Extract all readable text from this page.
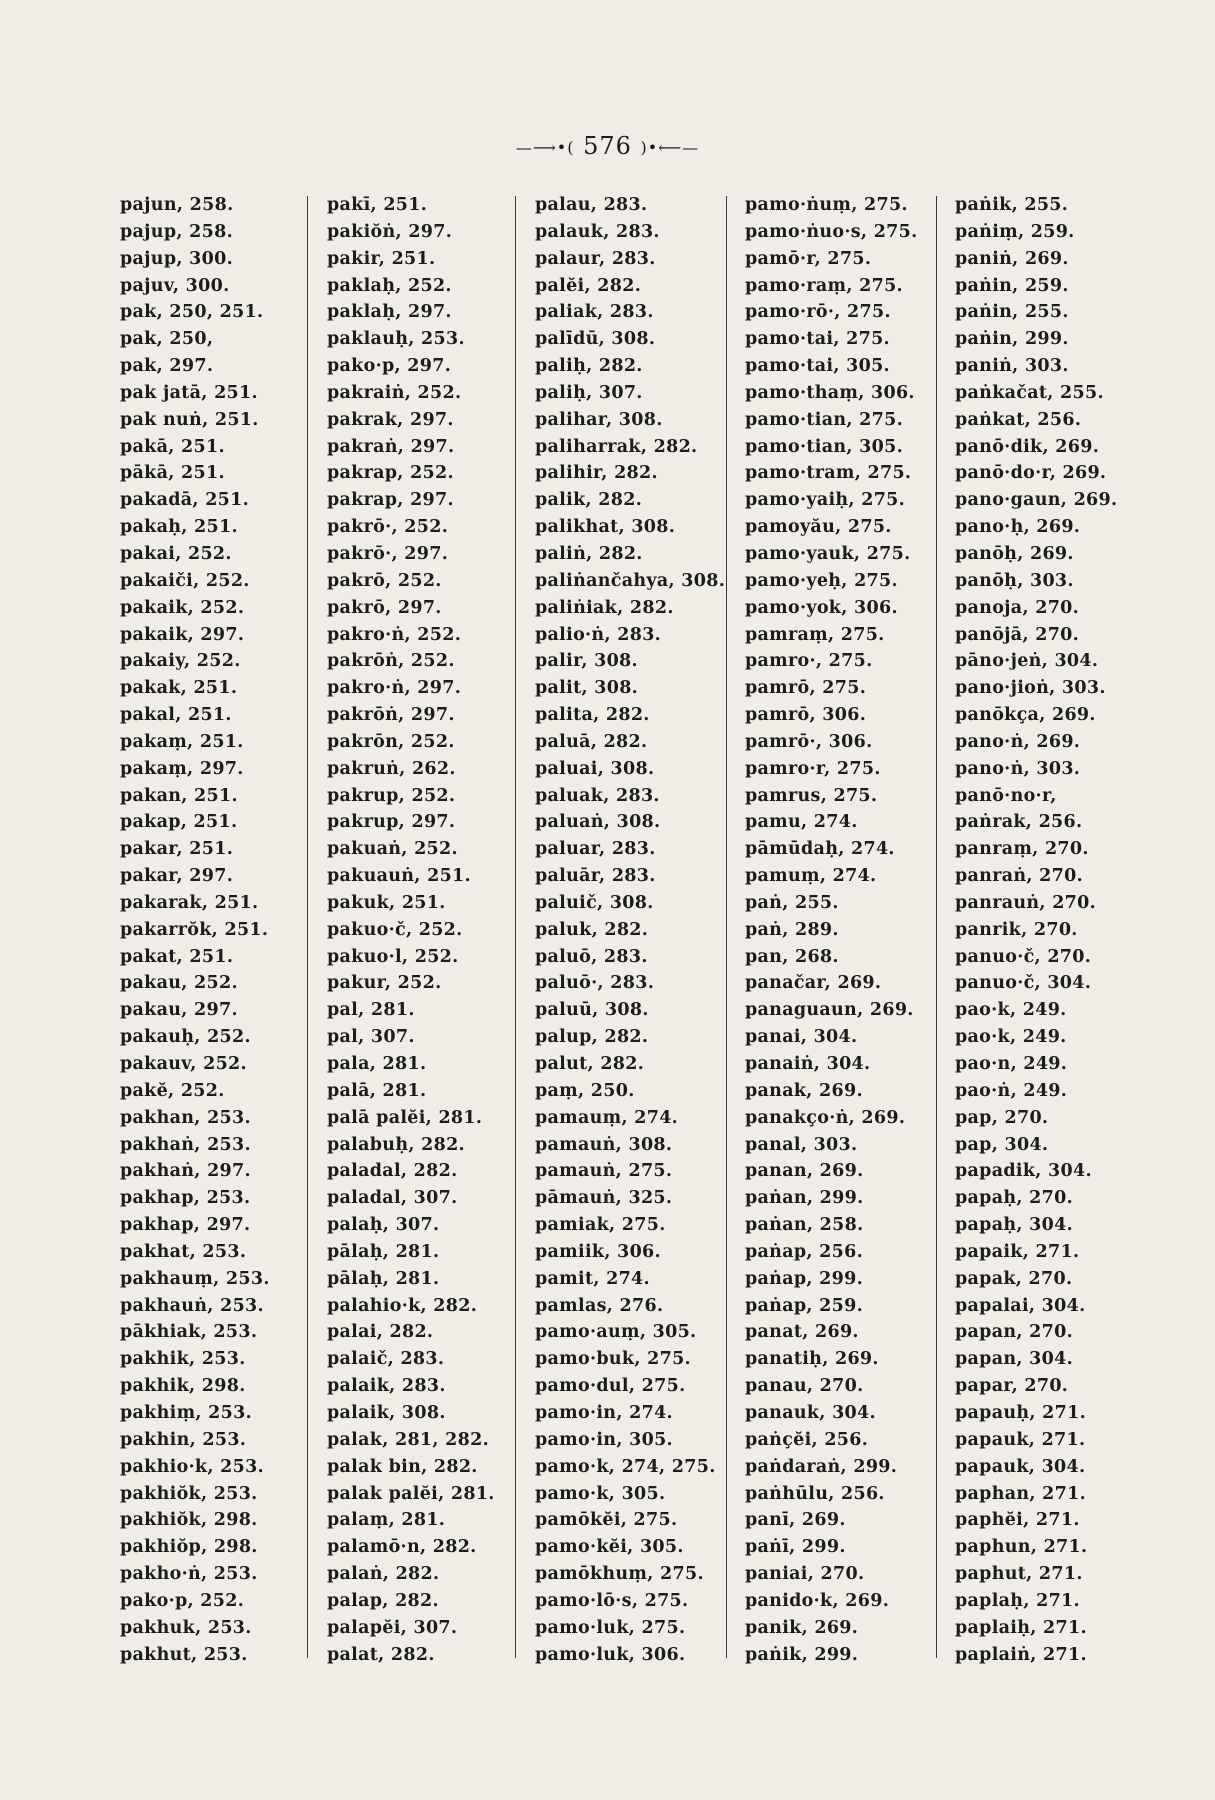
—⟶•( 576 )•⟵—
pajun, 258.
pajup, 258.
pajup, 300.
pajuv, 300.
pak, 250, 251.
pak, 250,
pak, 297.
pak jatā, 251.
pak nuṅ, 251.
pakā, 251.
pākā, 251.
pakadā, 251.
pakaḥ, 251.
pakai, 252.
pakaiči, 252.
pakaik, 252.
pakaik, 297.
pakaiy, 252.
pakak, 251.
pakal, 251.
pakaṃ, 251.
pakaṃ, 297.
pakan, 251.
pakap, 251.
pakar, 251.
pakar, 297.
pakarak, 251.
pakarrŏk, 251.
pakat, 251.
pakau, 252.
pakau, 297.
pakauḥ, 252.
pakauv, 252.
pakĕ, 252.
pakhan, 253.
pakhaṅ, 253.
pakhaṅ, 297.
pakhap, 253.
pakhap, 297.
pakhat, 253.
pakhauṃ, 253.
pakhauṅ, 253.
pākhiak, 253.
pakhik, 253.
pakhik, 298.
pakhiṃ, 253.
pakhin, 253.
pakhio·k, 253.
pakhiŏk, 253.
pakhiŏk, 298.
pakhiŏp, 298.
pakho·ṅ, 253.
pako·p, 252.
pakhuk, 253.
pakhut, 253.
pakī, 251.
pakiŏṅ, 297.
pakir, 251.
paklaḥ, 252.
paklaḥ, 297.
paklauḥ, 253.
pako·p, 297.
pakraiṅ, 252.
pakrak, 297.
pakraṅ, 297.
pakrap, 252.
pakrap, 297.
pakrō·, 252.
pakrō·, 297.
pakrō, 252.
pakrō, 297.
pakro·ṅ, 252.
pakrōṅ, 252.
pakro·ṅ, 297.
pakrōṅ, 297.
pakrōn, 252.
pakruṅ, 262.
pakrup, 252.
pakrup, 297.
pakuaṅ, 252.
pakuauṅ, 251.
pakuk, 251.
pakuo·č, 252.
pakuo·l, 252.
pakur, 252.
pal, 281.
pal, 307.
pala, 281.
palā, 281.
palā palĕi, 281.
palabuḥ, 282.
paladal, 282.
paladal, 307.
palaḥ, 307.
pālaḥ, 281.
pālaḥ, 281.
palahio·k, 282.
palai, 282.
palaič, 283.
palaik, 283.
palaik, 308.
palak, 281, 282.
palak bin, 282.
palak palĕi, 281.
palaṃ, 281.
palamō·n, 282.
palaṅ, 282.
palap, 282.
palapĕi, 307.
palat, 282.
palau, 283.
palauk, 283.
palaur, 283.
palĕi, 282.
paliak, 283.
palīdū, 308.
paliḥ, 282.
paliḥ, 307.
palihar, 308.
paliharrak, 282.
palihir, 282.
palik, 282.
palikhat, 308.
paliṅ, 282.
paliṅančahya, 308.
paliṅiak, 282.
palio·ṅ, 283.
palir, 308.
palit, 308.
palita, 282.
paluā, 282.
paluai, 308.
paluak, 283.
paluaṅ, 308.
paluar, 283.
paluār, 283.
paluič, 308.
paluk, 282.
paluō, 283.
paluō·, 283.
paluū, 308.
palup, 282.
palut, 282.
paṃ, 250.
pamauṃ, 274.
pamauṅ, 308.
pamauṅ, 275.
pāmauṅ, 325.
pamiak, 275.
pamiik, 306.
pamit, 274.
pamlas, 276.
pamo·auṃ, 305.
pamo·buk, 275.
pamo·dul, 275.
pamo·in, 274.
pamo·in, 305.
pamo·k, 274, 275.
pamo·k, 305.
pamōkĕi, 275.
pamo·kĕi, 305.
pamōkhuṃ, 275.
pamo·lō·s, 275.
pamo·luk, 275.
pamo·luk, 306.
pamo·ṅuṃ, 275.
pamo·ṅuo·s, 275.
pamō·r, 275.
pamo·raṃ, 275.
pamo·rō·, 275.
pamo·tai, 275.
pamo·tai, 305.
pamo·thaṃ, 306.
pamo·tian, 275.
pamo·tian, 305.
pamo·tram, 275.
pamo·yaiḥ, 275.
pamoyău, 275.
pamo·yauk, 275.
pamo·yeḥ, 275.
pamo·yok, 306.
pamraṃ, 275.
pamro·, 275.
pamrō, 275.
pamrō, 306.
pamrō·, 306.
pamro·r, 275.
pamrus, 275.
pamu, 274.
pāmūdaḥ, 274.
pamuṃ, 274.
paṅ, 255.
paṅ, 289.
pan, 268.
panačar, 269.
panaguaun, 269.
panai, 304.
panaiṅ, 304.
panak, 269.
panakço·ṅ, 269.
panal, 303.
panan, 269.
paṅan, 299.
paṅan, 258.
paṅap, 256.
paṅap, 299.
paṅap, 259.
panat, 269.
panatiḥ, 269.
panau, 270.
panauk, 304.
paṅçĕi, 256.
paṅdaraṅ, 299.
paṅhūlu, 256.
panī, 269.
paṅī, 299.
paniai, 270.
panido·k, 269.
panik, 269.
paṅik, 299.
paṅik, 255.
paṅiṃ, 259.
paniṅ, 269.
paṅin, 259.
paṅin, 255.
paṅin, 299.
paniṅ, 303.
paṅkačat, 255.
paṅkat, 256.
panō·dik, 269.
panō·do·r, 269.
pano·gaun, 269.
pano·ḥ, 269.
panōḥ, 269.
panōḥ, 303.
panoja, 270.
panōjā, 270.
pāno·jeṅ, 304.
pano·jioṅ, 303.
panōkça, 269.
pano·ṅ, 269.
pano·ṅ, 303.
panō·no·r,
paṅrak, 256.
panraṃ, 270.
panraṅ, 270.
panrauṅ, 270.
panrik, 270.
panuo·č, 270.
panuo·č, 304.
pao·k, 249.
pao·k, 249.
pao·n, 249.
pao·ṅ, 249.
pap, 270.
pap, 304.
papadik, 304.
papaḥ, 270.
papaḥ, 304.
papaik, 271.
papak, 270.
papalai, 304.
papan, 270.
papan, 304.
papar, 270.
papauḥ, 271.
papauk, 271.
papauk, 304.
paphan, 271.
paphĕi, 271.
paphun, 271.
paphut, 271.
paplaḥ, 271.
paplaiḥ, 271.
paplaiṅ, 271.
